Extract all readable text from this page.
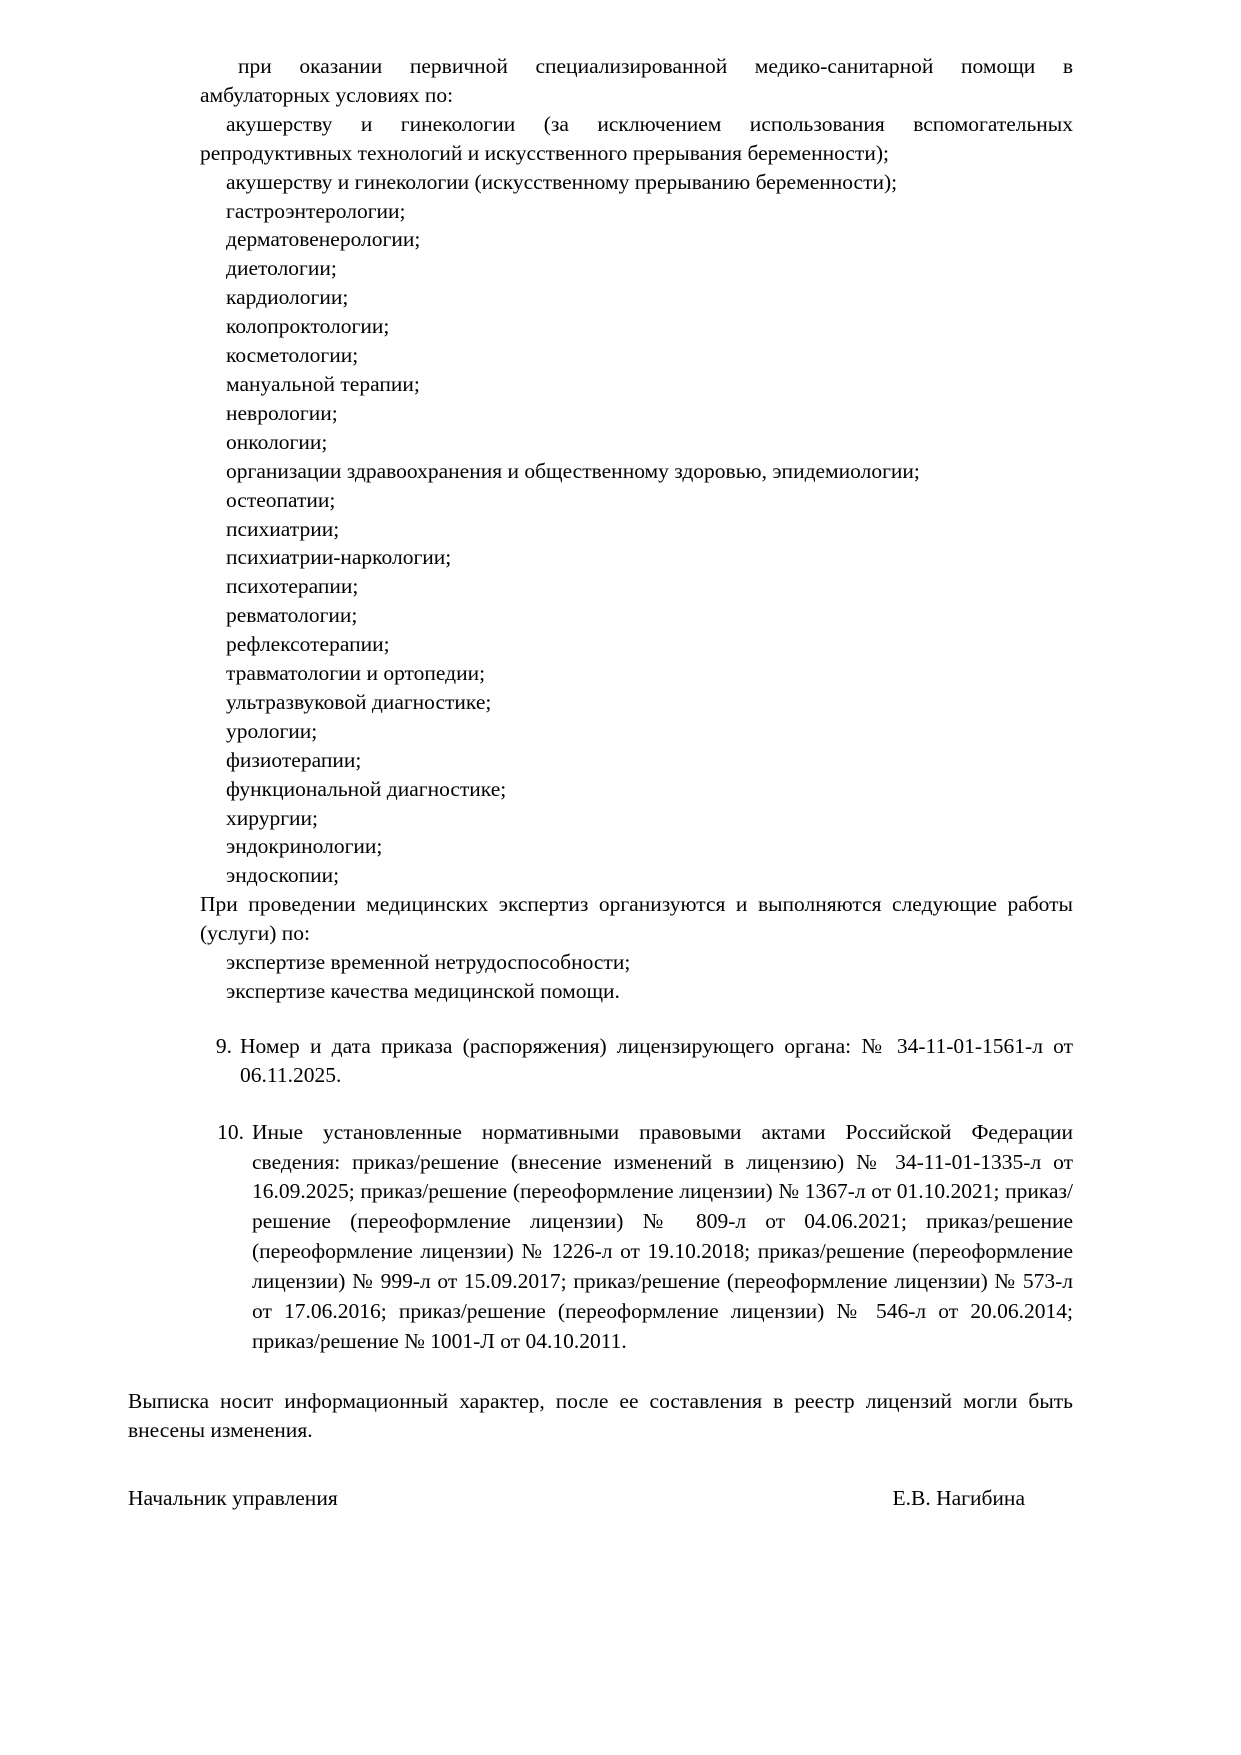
при оказании первичной специализированной медико-санитарной помощи в амбулаторных условиях по:

акушерству и гинекологии (за исключением использования вспомогательных репродуктивных технологий и искусственного прерывания беременности);

акушерству и гинекологии (искусственному прерыванию беременности);
гастроэнтерологии;
дерматовенерологии;
диетологии;
кардиологии;
колопроктологии;
косметологии;
мануальной терапии;
неврологии;
онкологии;
организации здравоохранения и общественному здоровью, эпидемиологии;
остеопатии;
психиатрии;
психиатрии-наркологии;
психотерапии;
ревматологии;
рефлексотерапии;
травматологии и ортопедии;
ультразвуковой диагностике;
урологии;
физиотерапии;
функциональной диагностике;
хирургии;
эндокринологии;
эндоскопии;

При проведении медицинских экспертиз организуются и выполняются следующие работы (услуги) по:

экспертизе временной нетрудоспособности;
экспертизе качества медицинской помощи.
9. Номер и дата приказа (распоряжения) лицензирующего органа: № 34-11-01-1561-л от 06.11.2025.
10. Иные установленные нормативными правовыми актами Российской Федерации сведения: приказ/решение (внесение изменений в лицензию) № 34-11-01-1335-л от 16.09.2025; приказ/решение (переоформление лицензии) № 1367-л от 01.10.2021; приказ/решение (переоформление лицензии) № 809-л от 04.06.2021; приказ/решение (переоформление лицензии) № 1226-л от 19.10.2018; приказ/решение (переоформление лицензии) № 999-л от 15.09.2017; приказ/решение (переоформление лицензии) № 573-л от 17.06.2016; приказ/решение (переоформление лицензии) № 546-л от 20.06.2014; приказ/решение № 1001-Л от 04.10.2011.

Выписка носит информационный характер, после ее составления в реестр лицензий могли быть внесены изменения.

Начальник управления	Е.В. Нагибина
